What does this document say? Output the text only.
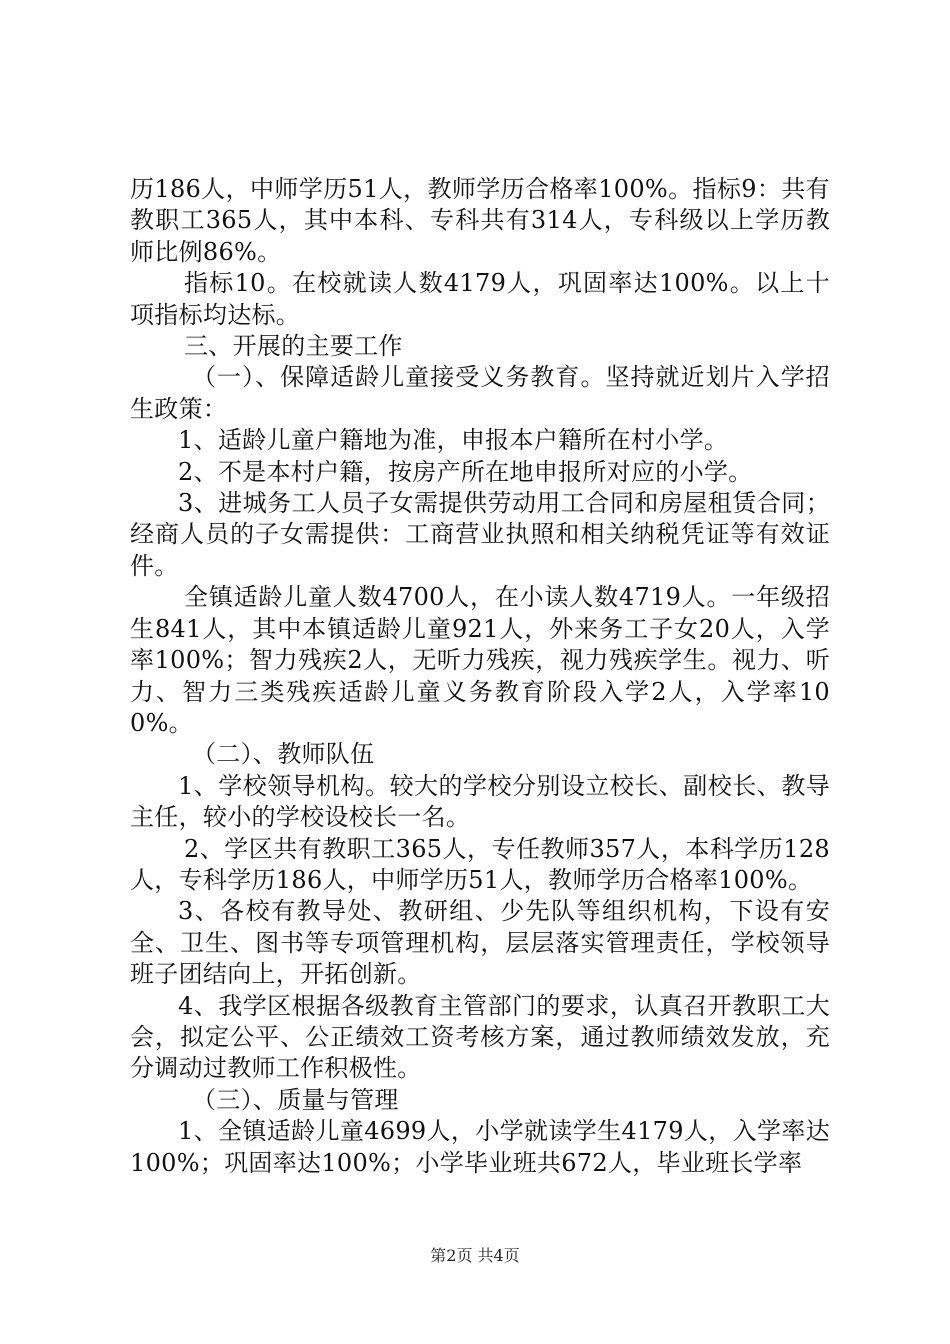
历186人，中师学历51人，教师学历合格率100%。指标9：共有教职工365人，其中本科、专科共有314人，专科级以上学历教师比例86%。

指标10。在校就读人数4179人，巩固率达100%。以上十项指标均达标。

三、开展的主要工作

（一）、保障适龄儿童接受义务教育。坚持就近划片入学招生政策：

1、适龄儿童户籍地为准，申报本户籍所在村小学。

2、不是本村户籍，按房产所在地申报所对应的小学。

3、进城务工人员子女需提供劳动用工合同和房屋租赁合同；经商人员的子女需提供：工商营业执照和相关纳税凭证等有效证件。

全镇适龄儿童人数4700人，在小读人数4719人。一年级招生841人，其中本镇适龄儿童921人，外来务工子女20人，入学率100%；智力残疾2人，无听力残疾，视力残疾学生。视力、听力、智力三类残疾适龄儿童义务教育阶段入学2人，入学率100%。

（二）、教师队伍

1、学校领导机构。较大的学校分别设立校长、副校长、教导主任，较小的学校设校长一名。

2、学区共有教职工365人，专任教师357人，本科学历128人，专科学历186人，中师学历51人，教师学历合格率100%。

3、各校有教导处、教研组、少先队等组织机构，下设有安全、卫生、图书等专项管理机构，层层落实管理责任，学校领导班子团结向上，开拓创新。

4、我学区根据各级教育主管部门的要求，认真召开教职工大会，拟定公平、公正绩效工资考核方案，通过教师绩效发放，充分调动过教师工作积极性。

（三）、质量与管理

1、全镇适龄儿童4699人，小学就读学生4179人，入学率达100%；巩固率达100%；小学毕业班共672人，毕业班长学率

第2页 共4页
